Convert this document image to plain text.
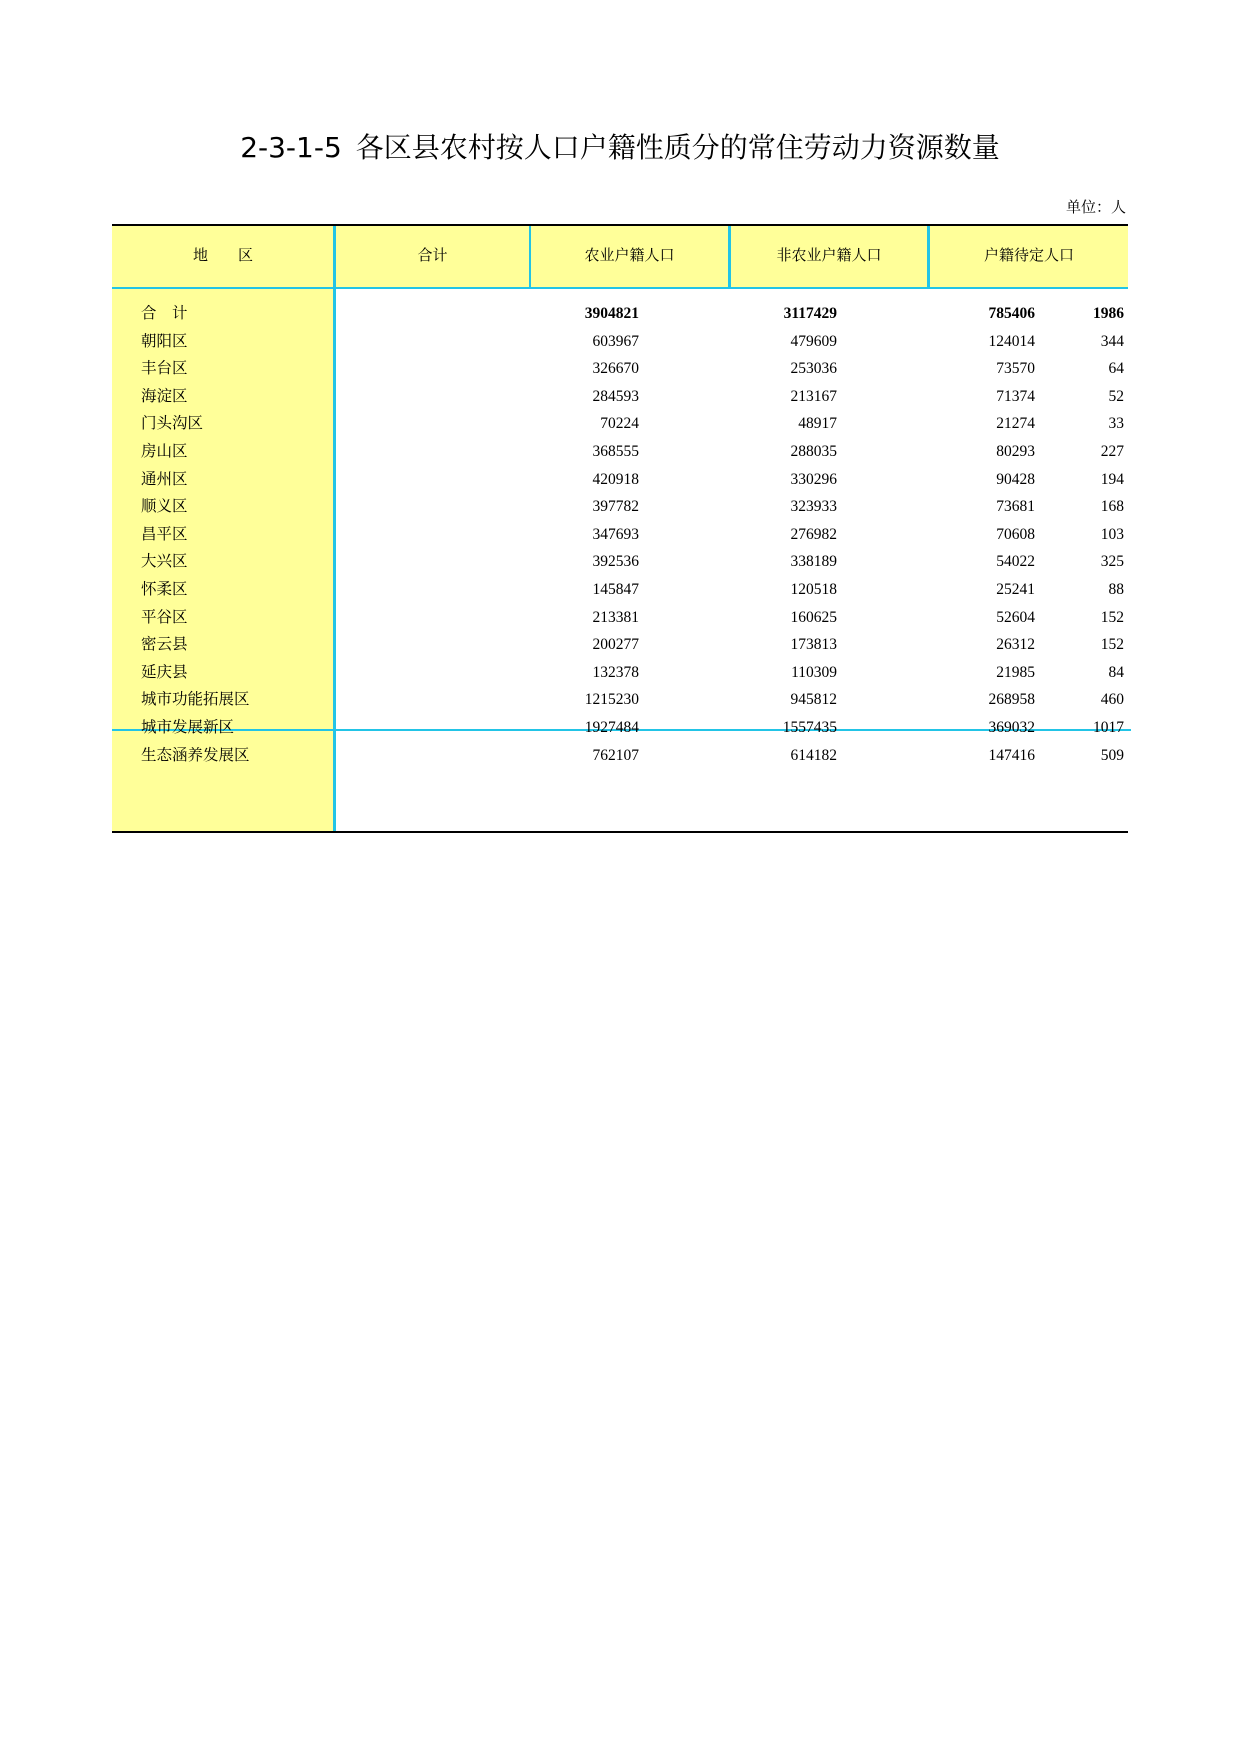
2-3-1-5 各区县农村按人口户籍性质分的常住劳动力资源数量
单位：人
地　　区	合计	农业户籍人口	非农业户籍人口	户籍待定人口
合　计	3904821	3117429	785406	1986
朝阳区	603967	479609	124014	344
丰台区	326670	253036	73570	64
海淀区	284593	213167	71374	52
门头沟区	70224	48917	21274	33
房山区	368555	288035	80293	227
通州区	420918	330296	90428	194
顺义区	397782	323933	73681	168
昌平区	347693	276982	70608	103
大兴区	392536	338189	54022	325
怀柔区	145847	120518	25241	88
平谷区	213381	160625	52604	152
密云县	200277	173813	26312	152
延庆县	132378	110309	21985	84
城市功能拓展区	1215230	945812	268958	460
城市发展新区	1927484	1557435	369032	1017
生态涵养发展区	762107	614182	147416	509
